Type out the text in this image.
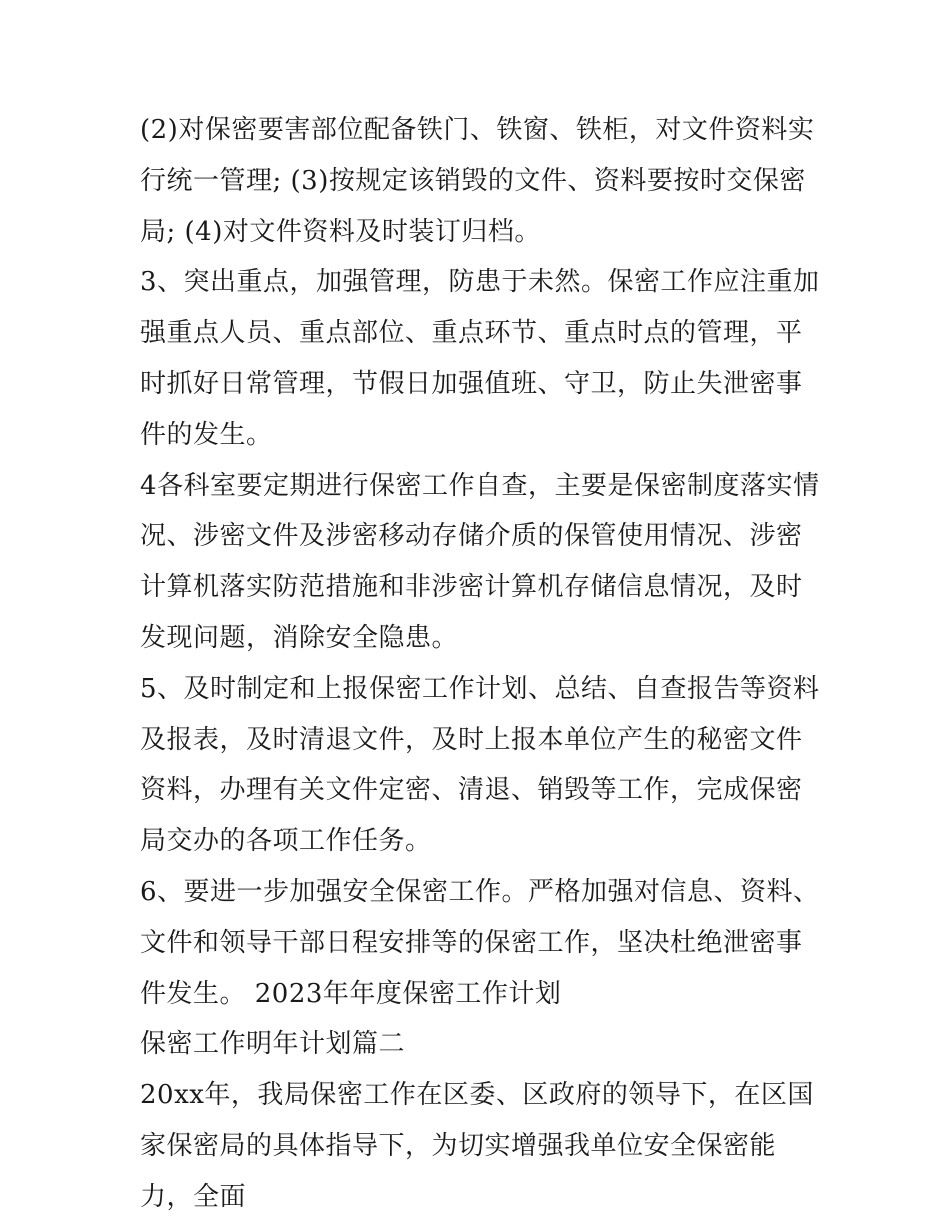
(2)对保密要害部位配备铁门、铁窗、铁柜，对文件资料实行统一管理; (3)按规定该销毁的文件、资料要按时交保密局; (4)对文件资料及时装订归档。

3、突出重点，加强管理，防患于未然。保密工作应注重加强重点人员、重点部位、重点环节、重点时点的管理，平时抓好日常管理，节假日加强值班、守卫，防止失泄密事件的发生。

4各科室要定期进行保密工作自查，主要是保密制度落实情况、涉密文件及涉密移动存储介质的保管使用情况、涉密计算机落实防范措施和非涉密计算机存储信息情况，及时发现问题，消除安全隐患。

5、及时制定和上报保密工作计划、总结、自查报告等资料及报表，及时清退文件，及时上报本单位产生的秘密文件资料，办理有关文件定密、清退、销毁等工作，完成保密局交办的各项工作任务。

6、要进一步加强安全保密工作。严格加强对信息、资料、文件和领导干部日程安排等的保密工作，坚决杜绝泄密事件发生。 2023年年度保密工作计划

保密工作明年计划篇二

20xx年，我局保密工作在区委、区政府的领导下，在区国家保密局的具体指导下，为切实增强我单位安全保密能力，全面
